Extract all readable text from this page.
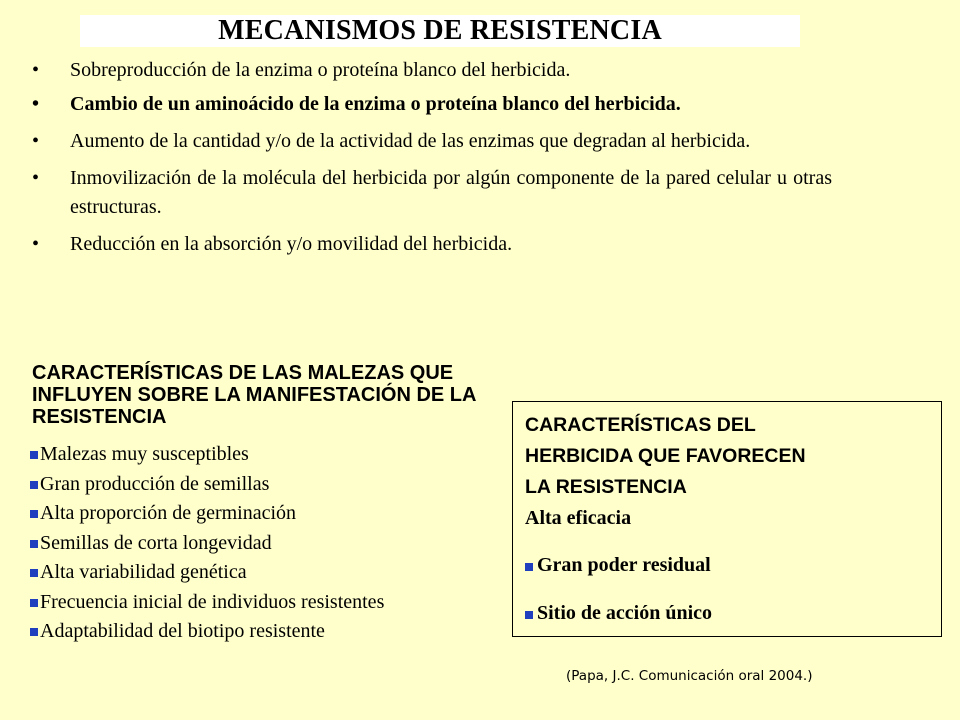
MECANISMOS DE RESISTENCIA
• Sobreproducción de la enzima o proteína blanco del herbicida.
• Cambio de un aminoácido de la enzima o proteína blanco del herbicida.
• Aumento de la cantidad y/o de la actividad de las enzimas que degradan al herbicida.
• Inmovilización de la molécula del herbicida por algún componente de la pared celular u otras estructuras.
• Reducción en la absorción y/o movilidad del herbicida.
CARACTERÍSTICAS DE LAS MALEZAS QUE INFLUYEN SOBRE LA MANIFESTACIÓN DE LA RESISTENCIA
Malezas muy susceptibles
Gran producción de semillas
Alta proporción de germinación
Semillas de corta longevidad
Alta variabilidad genética
Frecuencia inicial de individuos resistentes
Adaptabilidad del biotipo resistente
CARACTERÍSTICAS DEL
HERBICIDA QUE FAVORECEN
LA RESISTENCIA
Alta eficacia
Gran poder residual
Sitio de acción único
(Papa, J.C. Comunicación oral 2004.)
